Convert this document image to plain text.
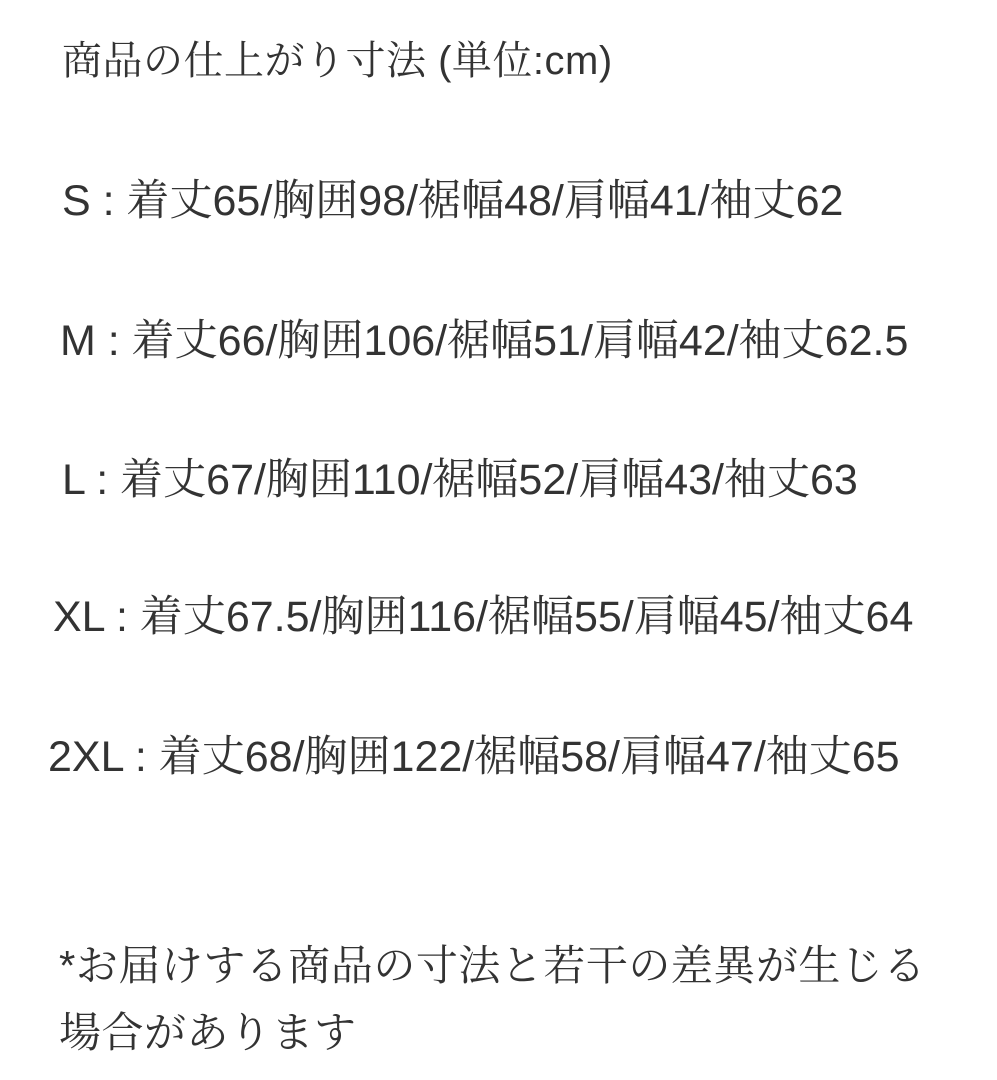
商品の仕上がり寸法 (単位:cm)

S : 着丈65/胸囲98/裾幅48/肩幅41/袖丈62

M : 着丈66/胸囲106/裾幅51/肩幅42/袖丈62.5

L : 着丈67/胸囲110/裾幅52/肩幅43/袖丈63

XL : 着丈67.5/胸囲116/裾幅55/肩幅45/袖丈64

2XL : 着丈68/胸囲122/裾幅58/肩幅47/袖丈65

*お届けする商品の寸法と若干の差異が生じる
場合があります
